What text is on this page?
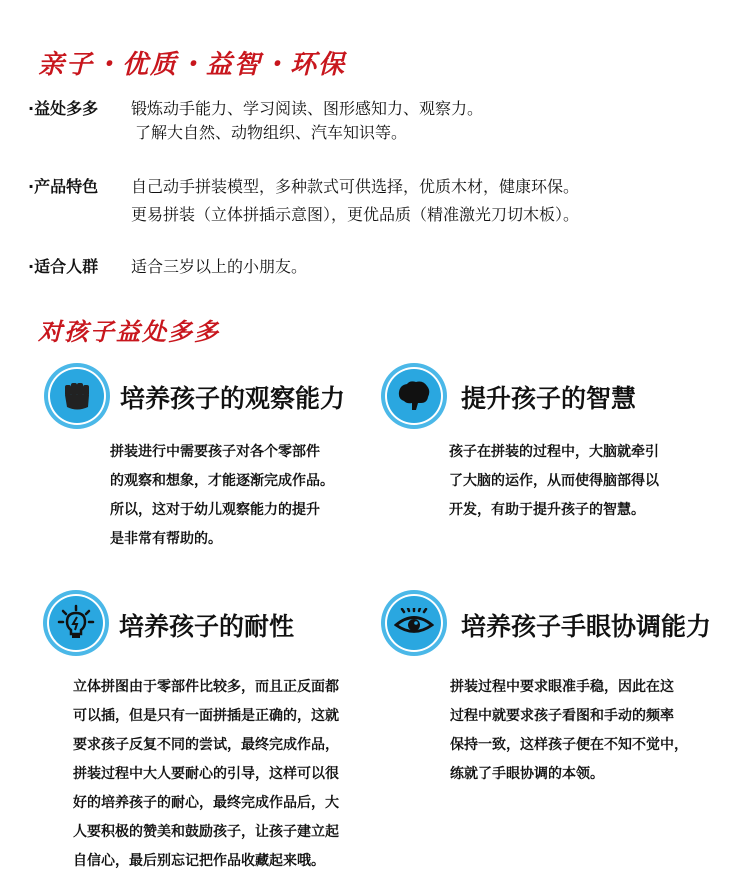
亲子・优质・益智・环保
·益处多多 锻炼动手能力、学习阅读、图形感知力、观察力。
了解大自然、动物组织、汽车知识等。
·产品特色 自己动手拼装模型，多种款式可供选择，优质木材，健康环保。
更易拼装（立体拼插示意图），更优品质（精准激光刀切木板）。
·适合人群 适合三岁以上的小朋友。
对孩子益处多多
培养孩子的观察能力
拼装进行中需要孩子对各个零部件
的观察和想象，才能逐渐完成作品。
所以，这对于幼儿观察能力的提升
是非常有帮助的。
提升孩子的智慧
孩子在拼装的过程中，大脑就牵引
了大脑的运作，从而使得脑部得以
开发，有助于提升孩子的智慧。
培养孩子的耐性
立体拼图由于零部件比较多，而且正反面都
可以插，但是只有一面拼插是正确的，这就
要求孩子反复不同的尝试，最终完成作品，
拼装过程中大人要耐心的引导，这样可以很
好的培养孩子的耐心，最终完成作品后，大
人要积极的赞美和鼓励孩子，让孩子建立起
自信心，最后别忘记把作品收藏起来哦。
培养孩子手眼协调能力
拼装过程中要求眼准手稳，因此在这
过程中就要求孩子看图和手动的频率
保持一致，这样孩子便在不知不觉中，
练就了手眼协调的本领。
